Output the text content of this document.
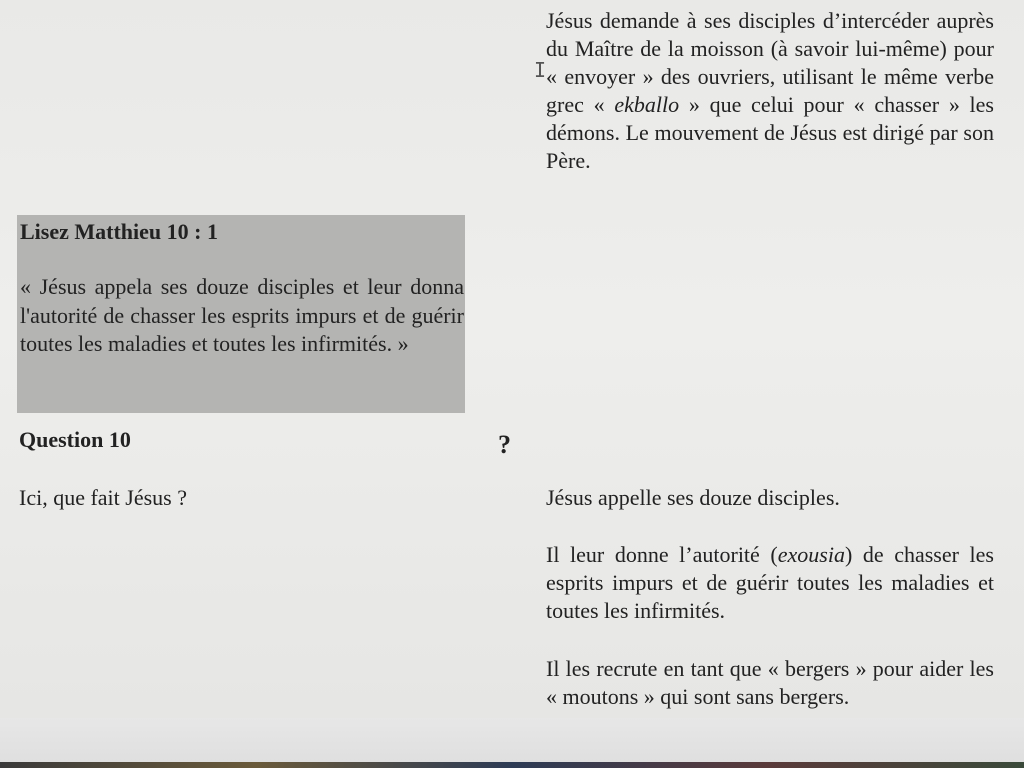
I
Jésus demande à ses disciples d’intercéder auprès du Maître de la moisson (à savoir lui-même) pour « envoyer » des ouvriers, utilisant le même verbe grec « ekballo » que celui pour « chasser » les démons. Le mouvement de Jésus est dirigé par son Père.
Lisez Matthieu 10 : 1
« Jésus appela ses douze disciples et leur donna l'autorité de chasser les esprits impurs et de guérir toutes les maladies et toutes les infirmités. »
Question 10	?
Ici, que fait Jésus ?	Jésus appelle ses douze disciples.
Il leur donne l’autorité (exousia) de chasser les esprits impurs et de guérir toutes les maladies et toutes les infirmités.
Il les recrute en tant que « bergers » pour aider les « moutons » qui sont sans bergers.
